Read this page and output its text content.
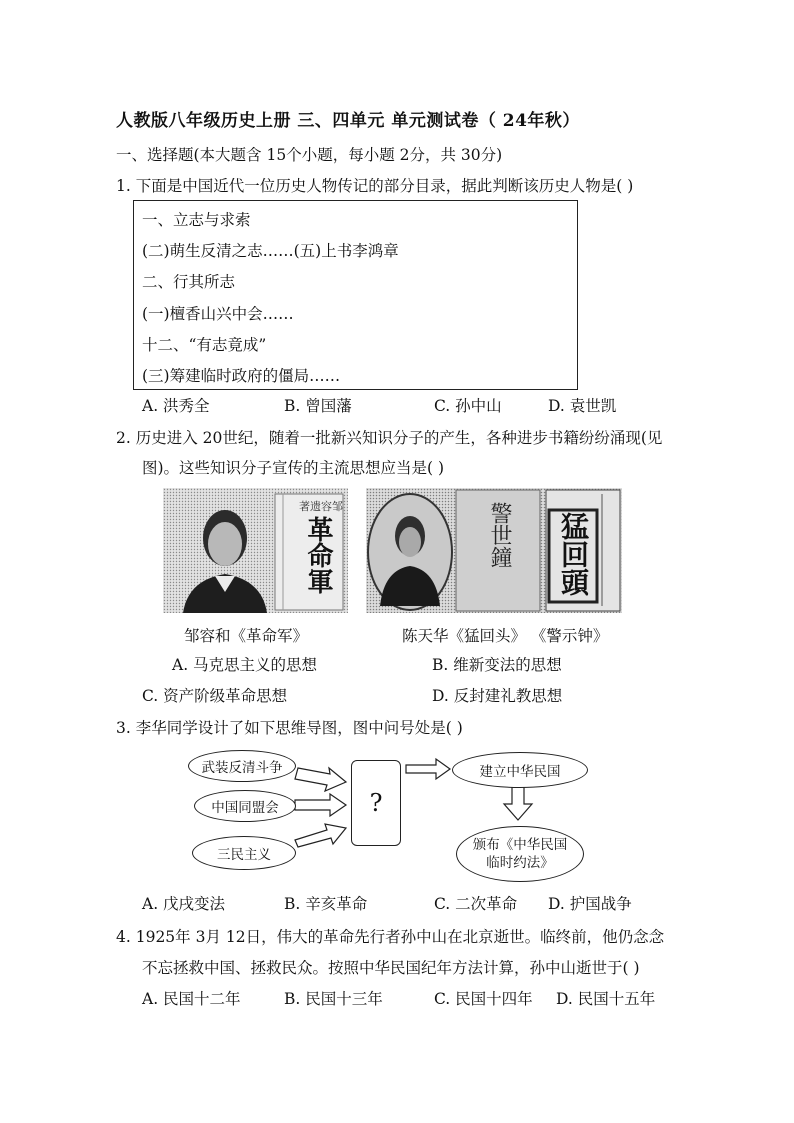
人教版八年级历史上册 三、四单元 单元测试卷（ 24年秋）
一、选择题(本大题含 15个小题，每小题 2分，共 30分)
1. 下面是中国近代一位历史人物传记的部分目录，据此判断该历史人物是( )
一、立志与求索
(二)萌生反清之志……(五)上书李鸿章
二、行其所志
(一)檀香山兴中会……
十二、“有志竟成”
(三)筹建临时政府的僵局……
A. 洪秀全	B. 曾国藩	C. 孙中山	D. 袁世凯
2. 历史进入 20世纪，随着一批新兴知识分子的产生，各种进步书籍纷纷涌现(见
图)。这些知识分子宣传的主流思想应当是( )
著遗容邹
革命軍	警世鐘 猛回頭
邹容和《革命军》	陈天华《猛回头》 《警示钟》
A. 马克思主义的思想	B. 维新变法的思想
C. 资产阶级革命思想	D. 反封建礼教思想
3. 李华同学设计了如下思维导图，图中问号处是( )
武装反清斗争
中国同盟会
三民主义
?
建立中华民国
颁布《中华民国
临时约法》
A. 戊戌变法	B. 辛亥革命	C. 二次革命 D. 护国战争
4. 1925年 3月 12日，伟大的革命先行者孙中山在北京逝世。临终前，他仍念念
不忘拯救中国、拯救民众。按照中华民国纪年方法计算，孙中山逝世于( )
A. 民国十二年	B. 民国十三年	C. 民国十四年 D. 民国十五年
